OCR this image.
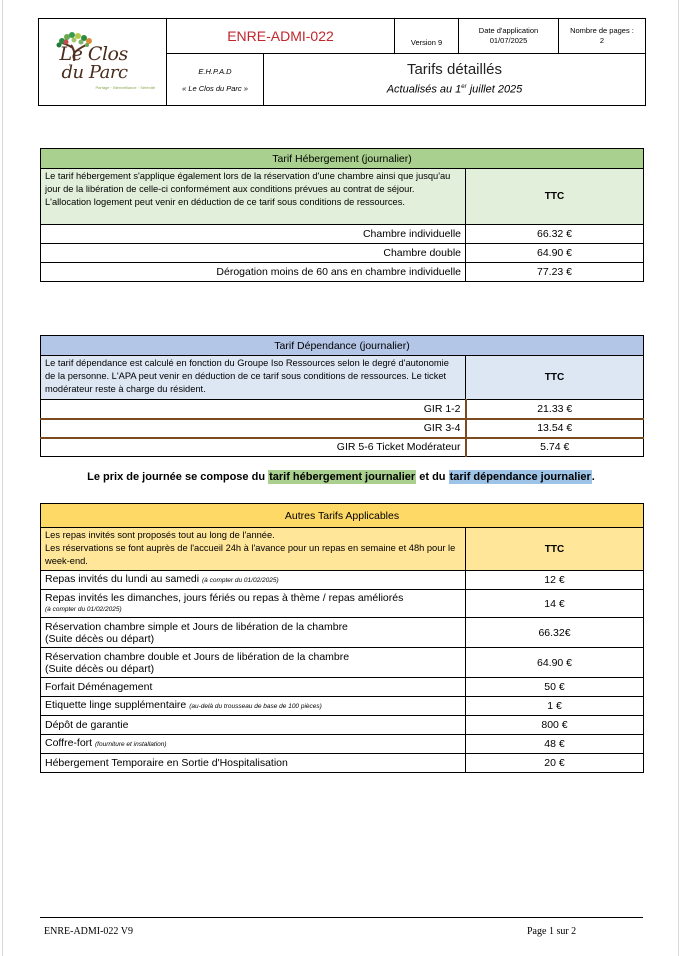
Le Clos
du Parc
Partage · Bienveillance · Sérénité
ENRE-ADMI-022	Version 9
Date d'application
01/07/2025
Nombre de pages :
2
E.H.P.A.D
« Le Clos du Parc »
Tarifs détaillés
Actualisés au 1er juillet 2025
Tarif Hébergement (journalier)	
Le tarif hébergement s'applique également lors de la réservation d'une chambre ainsi que jusqu'au jour de la libération de celle-ci conformément aux conditions prévues au contrat de séjour. L'allocation logement peut venir en déduction de ce tarif sous conditions de ressources.	TTC
Chambre individuelle	66.32 €
Chambre double	64.90 €
Dérogation moins de 60 ans en chambre individuelle	77.23 €
Tarif Dépendance (journalier)	
Le tarif dépendance est calculé en fonction du Groupe Iso Ressources selon le degré d'autonomie de la personne. L'APA peut venir en déduction de ce tarif sous conditions de ressources. Le ticket modérateur reste à charge du résident.	TTC
GIR 1-2	21.33 €
GIR 3-4	13.54 €
GIR 5-6 Ticket Modérateur	5.74 €
Le prix de journée se compose du tarif hébergement journalier et du tarif dépendance journalier.
Autres Tarifs Applicables	

Les repas invités sont proposés tout au long de l'année.
Les réservations se font auprès de l'accueil 24h à l'avance pour un repas en semaine et 48h pour le week-end.	TTC
Repas invités du lundi au samedi (à compter du 01/02/2025)	12 €

Repas invités les dimanches, jours fériés ou repas à thème / repas améliorés
(à compter du 01/02/2025)	14 €

Réservation chambre simple et Jours de libération de la chambre
(Suite décès ou départ)	66.32€

Réservation chambre double et Jours de libération de la chambre
(Suite décès ou départ)	64.90 €
Forfait Déménagement	50 €
Etiquette linge supplémentaire (au-delà du trousseau de base de 100 pièces)	1 €
Dépôt de garantie	800 €
Coffre-fort (fourniture et installation)	48 €
Hébergement Temporaire en Sortie d'Hospitalisation	20 €
ENRE-ADMI-022 V9	Page 1 sur 2
